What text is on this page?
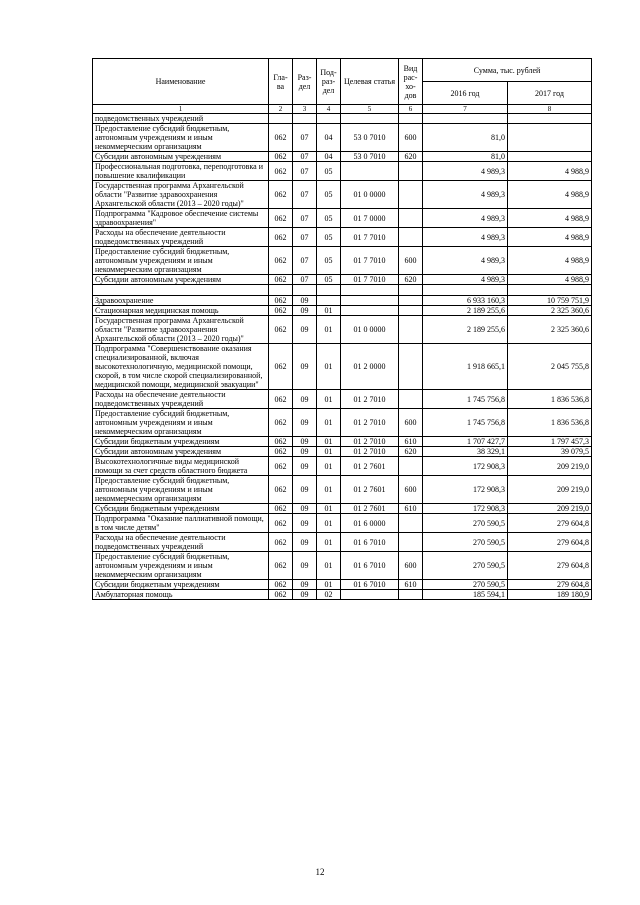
Наименование	Гла-ва	Раз-дел	Под-раз-дел	Целевая статья	Вид рас-хо-дов	Сумма, тыс. рублей	
						2016 год	2017 год
1	2	3	4	5	6	7	8
подведомственных учреждений							
Предоставление субсидий бюджетным, автономным учреждениям и иным некоммерческим организациям	062	07	04	53 0 7010	600	81,0	
Субсидии автономным учреждениям	062	07	04	53 0 7010	620	81,0	
Профессиональная подготовка, переподготовка и повышение квалификации	062	07	05			4 989,3	4 988,9
Государственная программа Архангельской области "Развитие здравоохранения Архангельской области (2013 – 2020 годы)"	062	07	05	01 0 0000		4 989,3	4 988,9
Подпрограмма "Кадровое обеспечение системы здравоохранения"	062	07	05	01 7 0000		4 989,3	4 988,9
Расходы на обеспечение деятельности подведомственных учреждений	062	07	05	01 7 7010		4 989,3	4 988,9
Предоставление субсидий бюджетным, автономным учреждениям и иным некоммерческим организациям	062	07	05	01 7 7010	600	4 989,3	4 988,9
Субсидии автономным учреждениям	062	07	05	01 7 7010	620	4 989,3	4 988,9

Здравоохранение	062	09				6 933 160,3	10 759 751,9
Стационарная медицинская помощь	062	09	01			2 189 255,6	2 325 360,6
Государственная программа Архангельской области "Развитие здравоохранения Архангельской области (2013 – 2020 годы)"	062	09	01	01 0 0000		2 189 255,6	2 325 360,6
Подпрограмма "Совершенствование оказания специализированной, включая высокотехнологичную, медицинской помощи, скорой, в том числе скорой специализированной, медицинской помощи, медицинской эвакуации"	062	09	01	01 2 0000		1 918 665,1	2 045 755,8
Расходы на обеспечение деятельности подведомственных учреждений	062	09	01	01 2 7010		1 745 756,8	1 836 536,8
Предоставление субсидий бюджетным, автономным учреждениям и иным некоммерческим организациям	062	09	01	01 2 7010	600	1 745 756,8	1 836 536,8
Субсидии бюджетным учреждениям	062	09	01	01 2 7010	610	1 707 427,7	1 797 457,3
Субсидии автономным учреждениям	062	09	01	01 2 7010	620	38 329,1	39 079,5
Высокотехнологичные виды медицинской помощи за счет средств областного бюджета	062	09	01	01 2 7601		172 908,3	209 219,0
Предоставление субсидий бюджетным, автономным учреждениям и иным некоммерческим организациям	062	09	01	01 2 7601	600	172 908,3	209 219,0
Субсидии бюджетным учреждениям	062	09	01	01 2 7601	610	172 908,3	209 219,0
Подпрограмма "Оказание паллиативной помощи, в том числе детям"	062	09	01	01 6 0000		270 590,5	279 604,8
Расходы на обеспечение деятельности подведомственных учреждений	062	09	01	01 6 7010		270 590,5	279 604,8
Предоставление субсидий бюджетным, автономным учреждениям и иным некоммерческим организациям	062	09	01	01 6 7010	600	270 590,5	279 604,8
Субсидии бюджетным учреждениям	062	09	01	01 6 7010	610	270 590,5	279 604,8
Амбулаторная помощь	062	09	02			185 594,1	189 180,9
12
